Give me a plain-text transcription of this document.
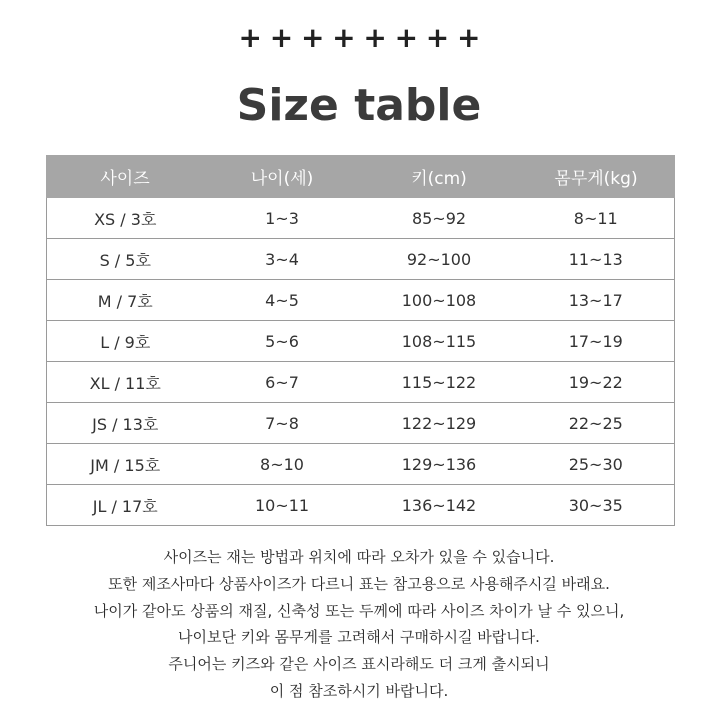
+ + + + + + + +
Size table
사이즈	나이(세)	키(cm)	몸무게(kg)
XS / 3호	1~3	85~92	8~11
S / 5호	3~4	92~100	11~13
M / 7호	4~5	100~108	13~17
L / 9호	5~6	108~115	17~19
XL / 11호	6~7	115~122	19~22
JS / 13호	7~8	122~129	22~25
JM / 15호	8~10	129~136	25~30
JL / 17호	10~11	136~142	30~35
사이즈는 재는 방법과 위치에 따라 오차가 있을 수 있습니다.
또한 제조사마다 상품사이즈가 다르니 표는 참고용으로 사용해주시길 바래요.
나이가 같아도 상품의 재질, 신축성 또는 두께에 따라 사이즈 차이가 날 수 있으니,
나이보단 키와 몸무게를 고려해서 구매하시길 바랍니다.
주니어는 키즈와 같은 사이즈 표시라해도 더 크게 출시되니
이 점 참조하시기 바랍니다.
